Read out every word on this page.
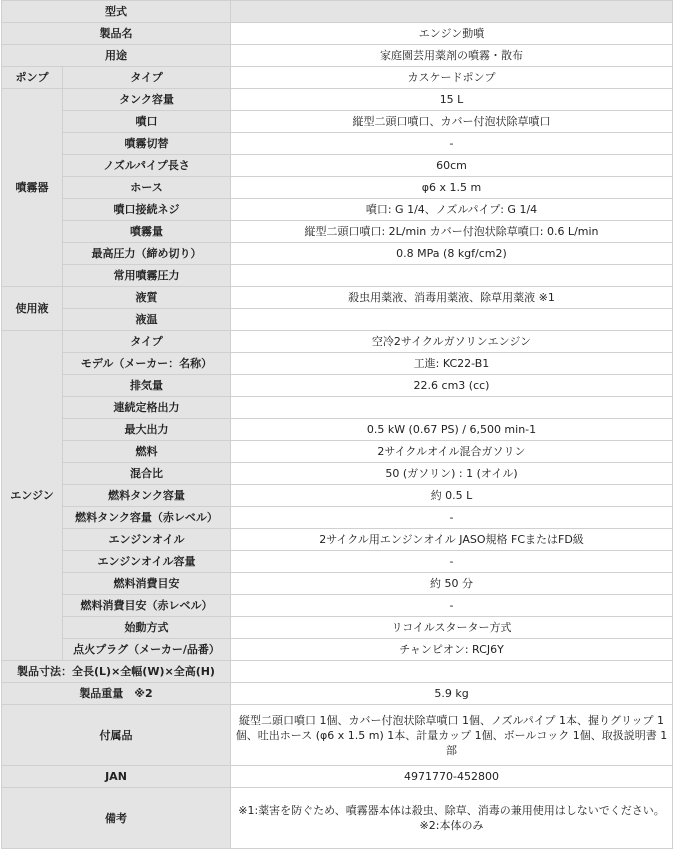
型式		
製品名		エンジン動噴
用途		家庭園芸用薬剤の噴霧・散布
ポンプ	タイプ	カスケードポンプ
噴霧器	タンク容量	15 L
	噴口	縦型二頭口噴口、カバー付泡状除草噴口
	噴霧切替	-
	ノズルパイプ長さ	60cm
	ホース	φ6 x 1.5 m
	噴口接続ネジ	噴口: G 1/4、ノズルパイプ: G 1/4
	噴霧量	縦型二頭口噴口: 2L/min カバー付泡状除草噴口: 0.6 L/min
	最高圧力（締め切り）	0.8 MPa (8 kgf/cm2)
	常用噴霧圧力	
使用液	液質	殺虫用薬液、消毒用薬液、除草用薬液 ※1
	液温	
エンジン	タイプ	空冷2サイクルガソリンエンジン
	モデル（メーカー：名称）	工進: KC22-B1
	排気量	22.6 cm3 (cc)
	連続定格出力	
	最大出力	0.5 kW (0.67 PS) / 6,500 min-1
	燃料	2サイクルオイル混合ガソリン
	混合比	50 (ガソリン) : 1 (オイル)
	燃料タンク容量	約 0.5 L
	燃料タンク容量（赤レベル）	-
	エンジンオイル	2サイクル用エンジンオイル JASO規格 FCまたはFD級
	エンジンオイル容量	-
	燃料消費目安	約 50 分
	燃料消費目安（赤レベル）	-
	始動方式	リコイルスターター方式
	点火プラグ（メーカー/品番）	チャンピオン: RCJ6Y
製品寸法：全長(L)×全幅(W)×全高(H)		
製品重量　※2		5.9 kg
付属品		縦型二頭口噴口 1個、カバー付泡状除草噴口 1個、ノズルパイプ 1本、握りグリップ 1個、吐出ホース (φ6 x 1.5 m) 1本、計量カップ 1個、ボールコック 1個、取扱説明書 1部
JAN		4971770-452800
備考		※1:薬害を防ぐため、噴霧器本体は殺虫、除草、消毒の兼用使用はしないでください。
※2:本体のみ
